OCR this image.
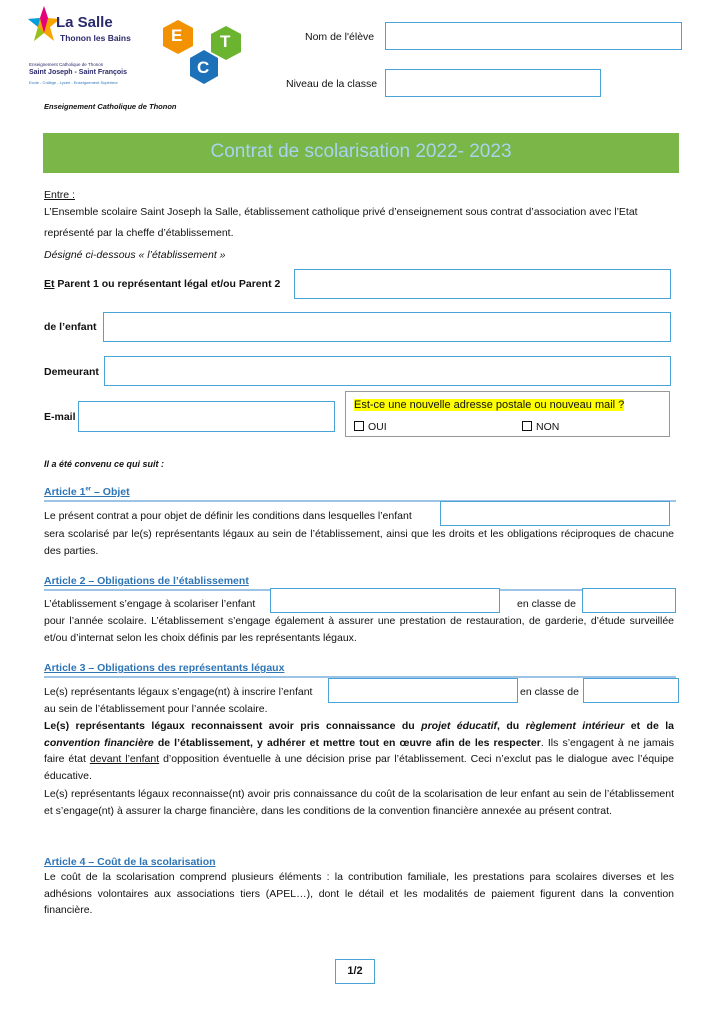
La Salle
Thonon les Bains
Enseignement Catholique de Thonon
Saint Joseph - Saint François
Ecole - Collège - Lycée - Enseignement Supérieur
E T
C
Nom de l'élève
Niveau de la classe
Enseignement Catholique de Thonon
Contrat de scolarisation 2022- 2023
Entre :
L’Ensemble scolaire Saint Joseph la Salle, établissement catholique privé d’enseignement sous contrat d’association avec l’Etat
représenté par la cheffe d’établissement.
Désigné ci-dessous « l’établissement »
Et Parent 1 ou représentant légal et/ou Parent 2
de l’enfant
Demeurant
E-mail
Est-ce une nouvelle adresse postale ou nouveau mail ?
OUI	NON
Il a été convenu ce qui suit :
Article 1er – Objet
Le présent contrat a pour objet de définir les conditions dans lesquelles l’enfant
sera scolarisé par le(s) représentants légaux au sein de l’établissement, ainsi que les droits et les obligations réciproques de chacune des parties.
Article 2 – Obligations de l’établissement
L’établissement s’engage à scolariser l’enfant	en classe de
pour l’année scolaire. L’établissement s’engage également à assurer une prestation de restauration, de garderie, d’étude surveillée et/ou d’internat selon les choix définis par les représentants légaux.
Article 3 – Obligations des représentants légaux
Le(s) représentants légaux s’engage(nt) à inscrire l’enfant	en classe de
au sein de l’établissement pour l’année scolaire.
Le(s) représentants légaux reconnaissent avoir pris connaissance du projet éducatif, du règlement intérieur et de la convention financière de l’établissement, y adhérer et mettre tout en œuvre afin de les respecter. Ils s’engagent à ne jamais faire état devant l’enfant d’opposition éventuelle à une décision prise par l’établissement. Ceci n’exclut pas le dialogue avec l’équipe éducative.
Le(s) représentants légaux reconnaisse(nt) avoir pris connaissance du coût de la scolarisation de leur enfant au sein de l’établissement et s’engage(nt) à assurer la charge financière, dans les conditions de la convention financière annexée au présent contrat.
Article 4 – Coût de la scolarisation
Le coût de la scolarisation comprend plusieurs éléments : la contribution familiale, les prestations para scolaires diverses et les adhésions volontaires aux associations tiers (APEL…), dont le détail et les modalités de paiement figurent dans la convention financière.
1/2
